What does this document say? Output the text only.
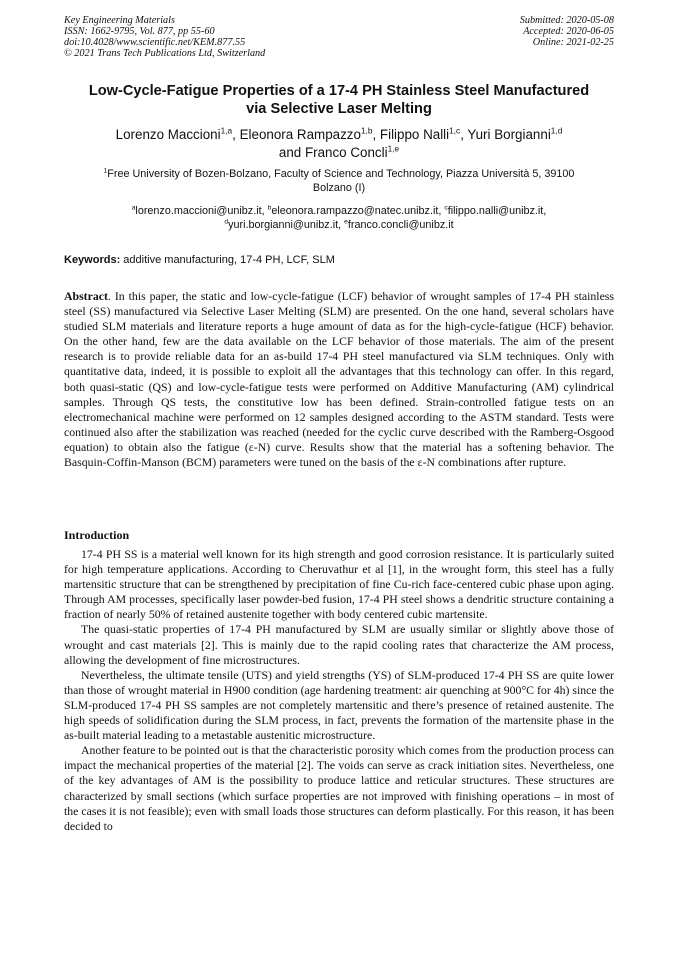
Key Engineering Materials
ISSN: 1662-9795, Vol. 877, pp 55-60
doi:10.4028/www.scientific.net/KEM.877.55
© 2021 Trans Tech Publications Ltd, Switzerland
Submitted: 2020-05-08
Accepted: 2020-06-05
Online: 2021-02-25
Low-Cycle-Fatigue Properties of a 17-4 PH Stainless Steel Manufactured
via Selective Laser Melting
Lorenzo Maccioni$^{1,a}$, Eleonora Rampazzo$^{1,b}$, Filippo Nalli$^{1,c}$, Yuri Borgianni$^{1,d}$
and Franco Concli$^{1,e}$
$^1$Free University of Bozen-Bolzano, Faculty of Science and Technology, Piazza Università 5, 39100
Bolzano (I)
$^a$lorenzo.maccioni@unibz.it, $^b$eleonora.rampazzo@natec.unibz.it, $^c$filippo.nalli@unibz.it,
$^d$yuri.borgianni@unibz.it, $^e$franco.concli@unibz.it
Keywords: additive manufacturing, 17-4 PH, LCF, SLM

Abstract. In this paper, the static and low-cycle-fatigue (LCF) behavior of wrought samples of 17-4 PH stainless steel (SS) manufactured via Selective Laser Melting (SLM) are presented. On the one hand, several scholars have studied SLM materials and literature reports a huge amount of data as for the high-cycle-fatigue (HCF) behavior. On the other hand, few are the data available on the LCF behavior of those materials. The aim of the present research is to provide reliable data for an as-build 17-4 PH steel manufactured via SLM techniques. Only with quantitative data, indeed, it is possible to exploit all the advantages that this technology can offer. In this regard, both quasi-static (QS) and low-cycle-fatigue tests were performed on Additive Manufacturing (AM) cylindrical samples. Through QS tests, the constitutive low has been defined. Strain-controlled fatigue tests on an electromechanical machine were performed on 12 samples designed according to the ASTM standard. Tests were continued also after the stabilization was reached (needed for the cyclic curve described with the Ramberg-Osgood equation) to obtain also the fatigue (ε-N) curve. Results show that the material has a softening behavior. The Basquin-Coffin-Manson (BCM) parameters were tuned on the basis of the ε-N combinations after rupture.

Introduction

17-4 PH SS is a material well known for its high strength and good corrosion resistance. It is particularly suited for high temperature applications. According to Cheruvathur et al [1], in the wrought form, this steel has a fully martensitic structure that can be strengthened by precipitation of fine Cu-rich face-centered cubic phase upon aging. Through AM processes, specifically laser powder-bed fusion, 17-4 PH steel shows a dendritic structure containing a fraction of nearly 50% of retained austenite together with body centered cubic martensite.

The quasi-static properties of 17-4 PH manufactured by SLM are usually similar or slightly above those of wrought and cast materials [2]. This is mainly due to the rapid cooling rates that characterize the AM process, allowing the development of fine microstructures.

Nevertheless, the ultimate tensile (UTS) and yield strengths (YS) of SLM-produced 17-4 PH SS are quite lower than those of wrought material in H900 condition (age hardening treatment: air quenching at 900°C for 4h) since the SLM-produced 17-4 PH SS samples are not completely martensitic and there’s presence of retained austenite. The high speeds of solidification during the SLM process, in fact, prevents the formation of the martensite phase in the as-built material leading to a metastable austenitic microstructure.

Another feature to be pointed out is that the characteristic porosity which comes from the production process can impact the mechanical properties of the material [2]. The voids can serve as crack initiation sites. Nevertheless, one of the key advantages of AM is the possibility to produce lattice and reticular structures. These structures are characterized by small sections (which surface properties are not improved with finishing operations – in most of the cases it is not feasible); even with small loads those structures can deform plastically. For this reason, it has been decided to
